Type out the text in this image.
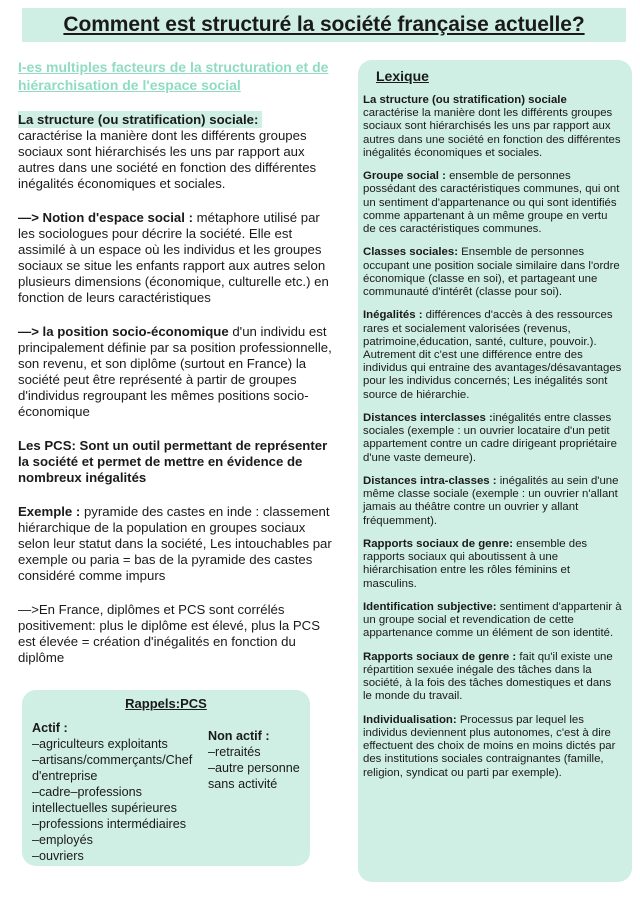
Comment est structuré la société française actuelle?

I-es multiples facteurs de la structuration et de hiérarchisation de l'espace social

La structure (ou stratification) sociale:
caractérise la manière dont les différents groupes sociaux sont hiérarchisés les uns par rapport aux autres dans une société en fonction des différentes inégalités économiques et sociales.

—> Notion d'espace social : métaphore utilisé par les sociologues pour décrire la société. Elle est assimilé à un espace où les individus et les groupes sociaux se situe les enfants rapport aux autres selon plusieurs dimensions (économique, culturelle etc.) en fonction de leurs caractéristiques

—> la position socio-économique d'un individu est principalement définie par sa position professionnelle, son revenu, et son diplôme (surtout en France) la société peut être représenté à partir de groupes d'individus regroupant les mêmes positions socio-économique

Les PCS: Sont un outil permettant de représenter la société et permet de mettre en évidence de nombreux inégalités

Exemple : pyramide des castes en inde : classement hiérarchique de la population en groupes sociaux selon leur statut dans la société, Les intouchables par exemple ou paria = bas de la pyramide des castes considéré comme impurs

—>En France, diplômes et PCS sont corrélés positivement: plus le diplôme est élevé, plus la PCS est élevée = création d'inégalités en fonction du diplôme

Rappels:PCS
Actif :
–agriculteurs exploitants
–artisans/commerçants/Chef d'entreprise
–cadre–professions intellectuelles supérieures
–professions intermédiaires
–employés
–ouvriers
Non actif :
–retraités
–autre personne sans activité
Lexique

La structure (ou stratification) sociale
caractérise la manière dont les différents groupes sociaux sont hiérarchisés les uns par rapport aux autres dans une société en fonction des différentes inégalités économiques et sociales.

Groupe social : ensemble de personnes possédant des caractéristiques communes, qui ont un sentiment d'appartenance ou qui sont identifiés comme appartenant à un même groupe en vertu de ces caractéristiques communes.

Classes sociales: Ensemble de personnes occupant une position sociale similaire dans l'ordre économique (classe en soi), et partageant une communauté d'intérêt (classe pour soi).

Inégalités : différences d'accès à des ressources rares et socialement valorisées (revenus, patrimoine,éducation, santé, culture, pouvoir.). Autrement dit c'est une différence entre des individus qui entraine des avantages/désavantages pour les individus concernés; Les inégalités sont source de hiérarchie.

Distances interclasses :inégalités entre classes sociales (exemple : un ouvrier locataire d'un petit appartement contre un cadre dirigeant propriétaire d'une vaste demeure).

Distances intra-classes : inégalités au sein d'une même classe sociale (exemple : un ouvrier n'allant jamais au théâtre contre un ouvrier y allant fréquemment).

Rapports sociaux de genre: ensemble des rapports sociaux qui aboutissent à une hiérarchisation entre les rôles féminins et masculins.

Identification subjective: sentiment d'appartenir à un groupe social et revendication de cette appartenance comme un élément de son identité.

Rapports sociaux de genre : fait qu'il existe une répartition sexuée inégale des tâches dans la société, à la fois des tâches domestiques et dans le monde du travail.

Individualisation: Processus par lequel les individus deviennent plus autonomes, c'est à dire effectuent des choix de moins en moins dictés par des institutions sociales contraignantes (famille, religion, syndicat ou parti par exemple).
